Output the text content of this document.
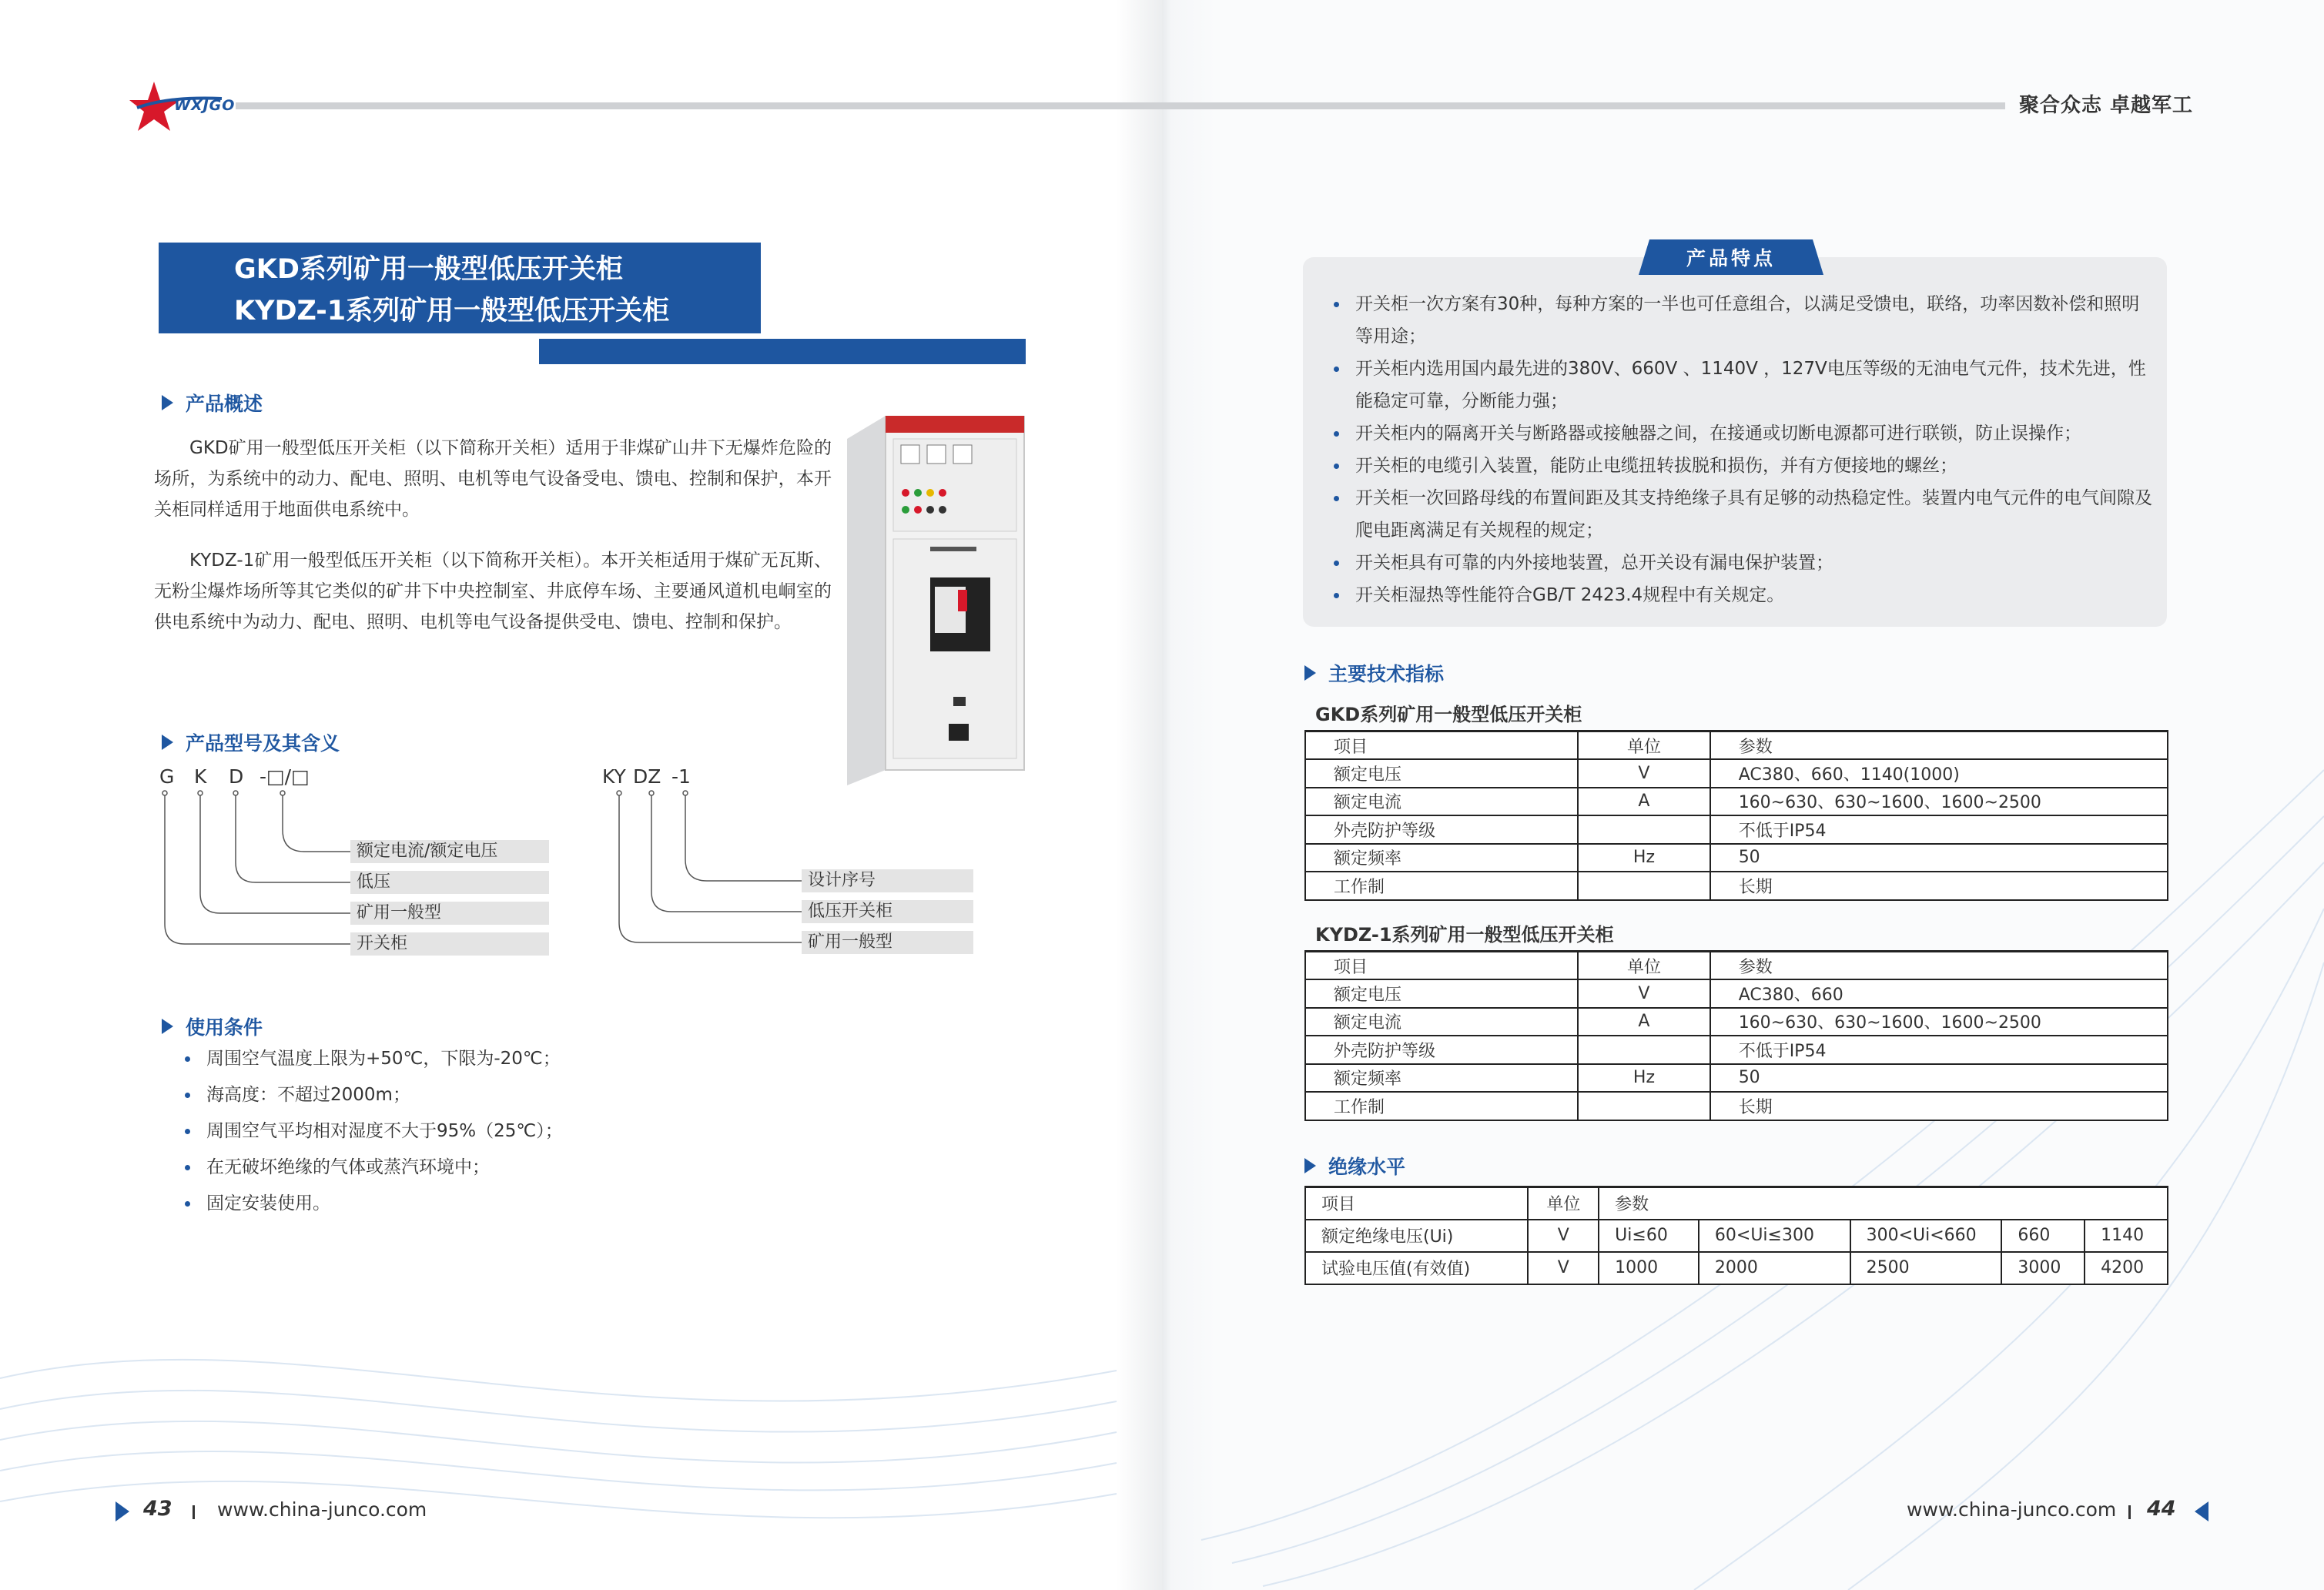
WXJGO	聚合众志 卓越军工
GKD系列矿用一般型低压开关柜
KYDZ-1系列矿用一般型低压开关柜
产品概述

GKD矿用一般型低压开关柜（以下简称开关柜）适用于非煤矿山井下无爆炸危险的场所，为系统中的动力、配电、照明、电机等电气设备受电、馈电、控制和保护，本开关柜同样适用于地面供电系统中。

KYDZ-1矿用一般型低压开关柜（以下简称开关柜）。本开关柜适用于煤矿无瓦斯、无粉尘爆炸场所等其它类似的矿井下中央控制室、井底停车场、主要通风道机电峒室的供电系统中为动力、配电、照明、电机等电气设备提供受电、馈电、控制和保护。

产品型号及其含义
G K D -□/□	KY DZ -1
额定电流/额定电压
低压
矿用一般型
开关柜
设计序号
低压开关柜
矿用一般型
使用条件
周围空气温度上限为+50℃，下限为-20℃；
海高度：不超过2000m；
周围空气平均相对湿度不大于95%（25℃）；
在无破坏绝缘的气体或蒸汽环境中；
固定安装使用。
产品特点
开关柜一次方案有30种，每种方案的一半也可任意组合，以满足受馈电，联络，功率因数补偿和照明等用途；
开关柜内选用国内最先进的380V、660V 、1140V ，127V电压等级的无油电气元件，技术先进，性能稳定可靠，分断能力强；
开关柜内的隔离开关与断路器或接触器之间，在接通或切断电源都可进行联锁，防止误操作；
开关柜的电缆引入装置，能防止电缆扭转拔脱和损伤，并有方便接地的螺丝；
开关柜一次回路母线的布置间距及其支持绝缘子具有足够的动热稳定性。装置内电气元件的电气间隙及爬电距离满足有关规程的规定；
开关柜具有可靠的内外接地装置，总开关设有漏电保护装置；
开关柜湿热等性能符合GB/T 2423.4规程中有关规定。
主要技术指标
GKD系列矿用一般型低压开关柜
项目	单位	参数
额定电压	V	AC380、660、1140(1000)
额定电流	A	160~630、630~1600、1600~2500
外壳防护等级		不低于IP54
额定频率	Hz	50
工作制		长期
KYDZ-1系列矿用一般型低压开关柜
项目	单位	参数
额定电压	V	AC380、660
额定电流	A	160~630、630~1600、1600~2500
外壳防护等级		不低于IP54
额定频率	Hz	50
工作制		长期
绝缘水平
项目	单位	参数				
额定绝缘电压(Ui)	V	Ui≤60	60<Ui≤300	300<Ui<660	660	1140
试验电压值(有效值)	V	1000	2000	2500	3000	4200
43 www.china-junco.com	www.china-junco.com 44
